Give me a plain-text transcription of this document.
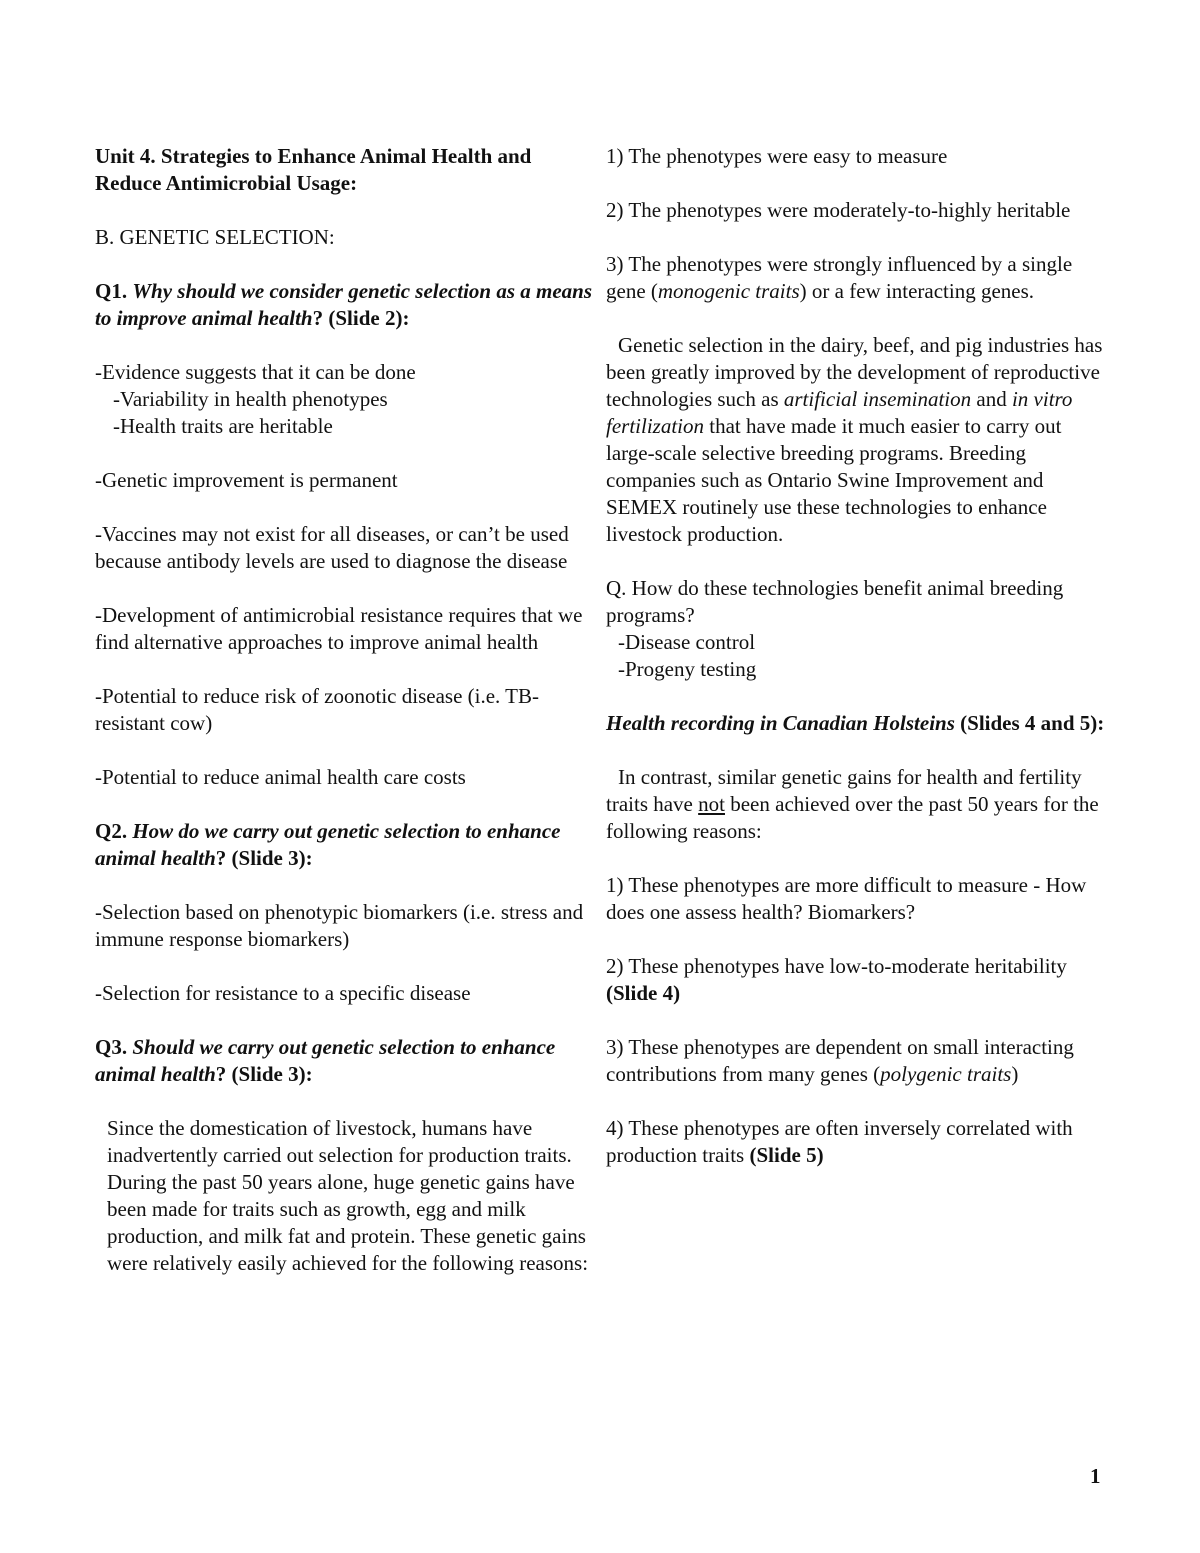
Unit 4. Strategies to Enhance Animal Health and
Reduce Antimicrobial Usage:
B. GENETIC SELECTION:
Q1. Why should we consider genetic selection as a means to improve animal health? (Slide 2):
-Evidence suggests that it can be done
-Variability in health phenotypes
-Health traits are heritable
-Genetic improvement is permanent
-Vaccines may not exist for all diseases, or can’t be used because antibody levels are used to diagnose the disease
-Development of antimicrobial resistance requires that we find alternative approaches to improve animal health
-Potential to reduce risk of zoonotic disease (i.e. TB-resistant cow)
-Potential to reduce animal health care costs
Q2. How do we carry out genetic selection to enhance animal health? (Slide 3):
-Selection based on phenotypic biomarkers (i.e. stress and immune response biomarkers)
-Selection for resistance to a specific disease
Q3. Should we carry out genetic selection to enhance animal health? (Slide 3):
Since the domestication of livestock, humans have inadvertently carried out selection for production traits. During the past 50 years alone, huge genetic gains have been made for traits such as growth, egg and milk production, and milk fat and protein. These genetic gains were relatively easily achieved for the following reasons:
1) The phenotypes were easy to measure
2) The phenotypes were moderately-to-highly heritable
3) The phenotypes were strongly influenced by a single gene (monogenic traits) or a few interacting genes.
Genetic selection in the dairy, beef, and pig industries has been greatly improved by the development of reproductive technologies such as artificial insemination and in vitro fertilization that have made it much easier to carry out large-scale selective breeding programs. Breeding companies such as Ontario Swine Improvement and SEMEX routinely use these technologies to enhance livestock production.
Q. How do these technologies benefit animal breeding programs?
-Disease control
-Progeny testing
Health recording in Canadian Holsteins (Slides 4 and 5):
In contrast, similar genetic gains for health and fertility traits have not been achieved over the past 50 years for the following reasons:
1) These phenotypes are more difficult to measure - How does one assess health? Biomarkers?
2) These phenotypes have low-to-moderate heritability (Slide 4)
3) These phenotypes are dependent on small interacting contributions from many genes (polygenic traits)
4) These phenotypes are often inversely correlated with production traits (Slide 5)
1
